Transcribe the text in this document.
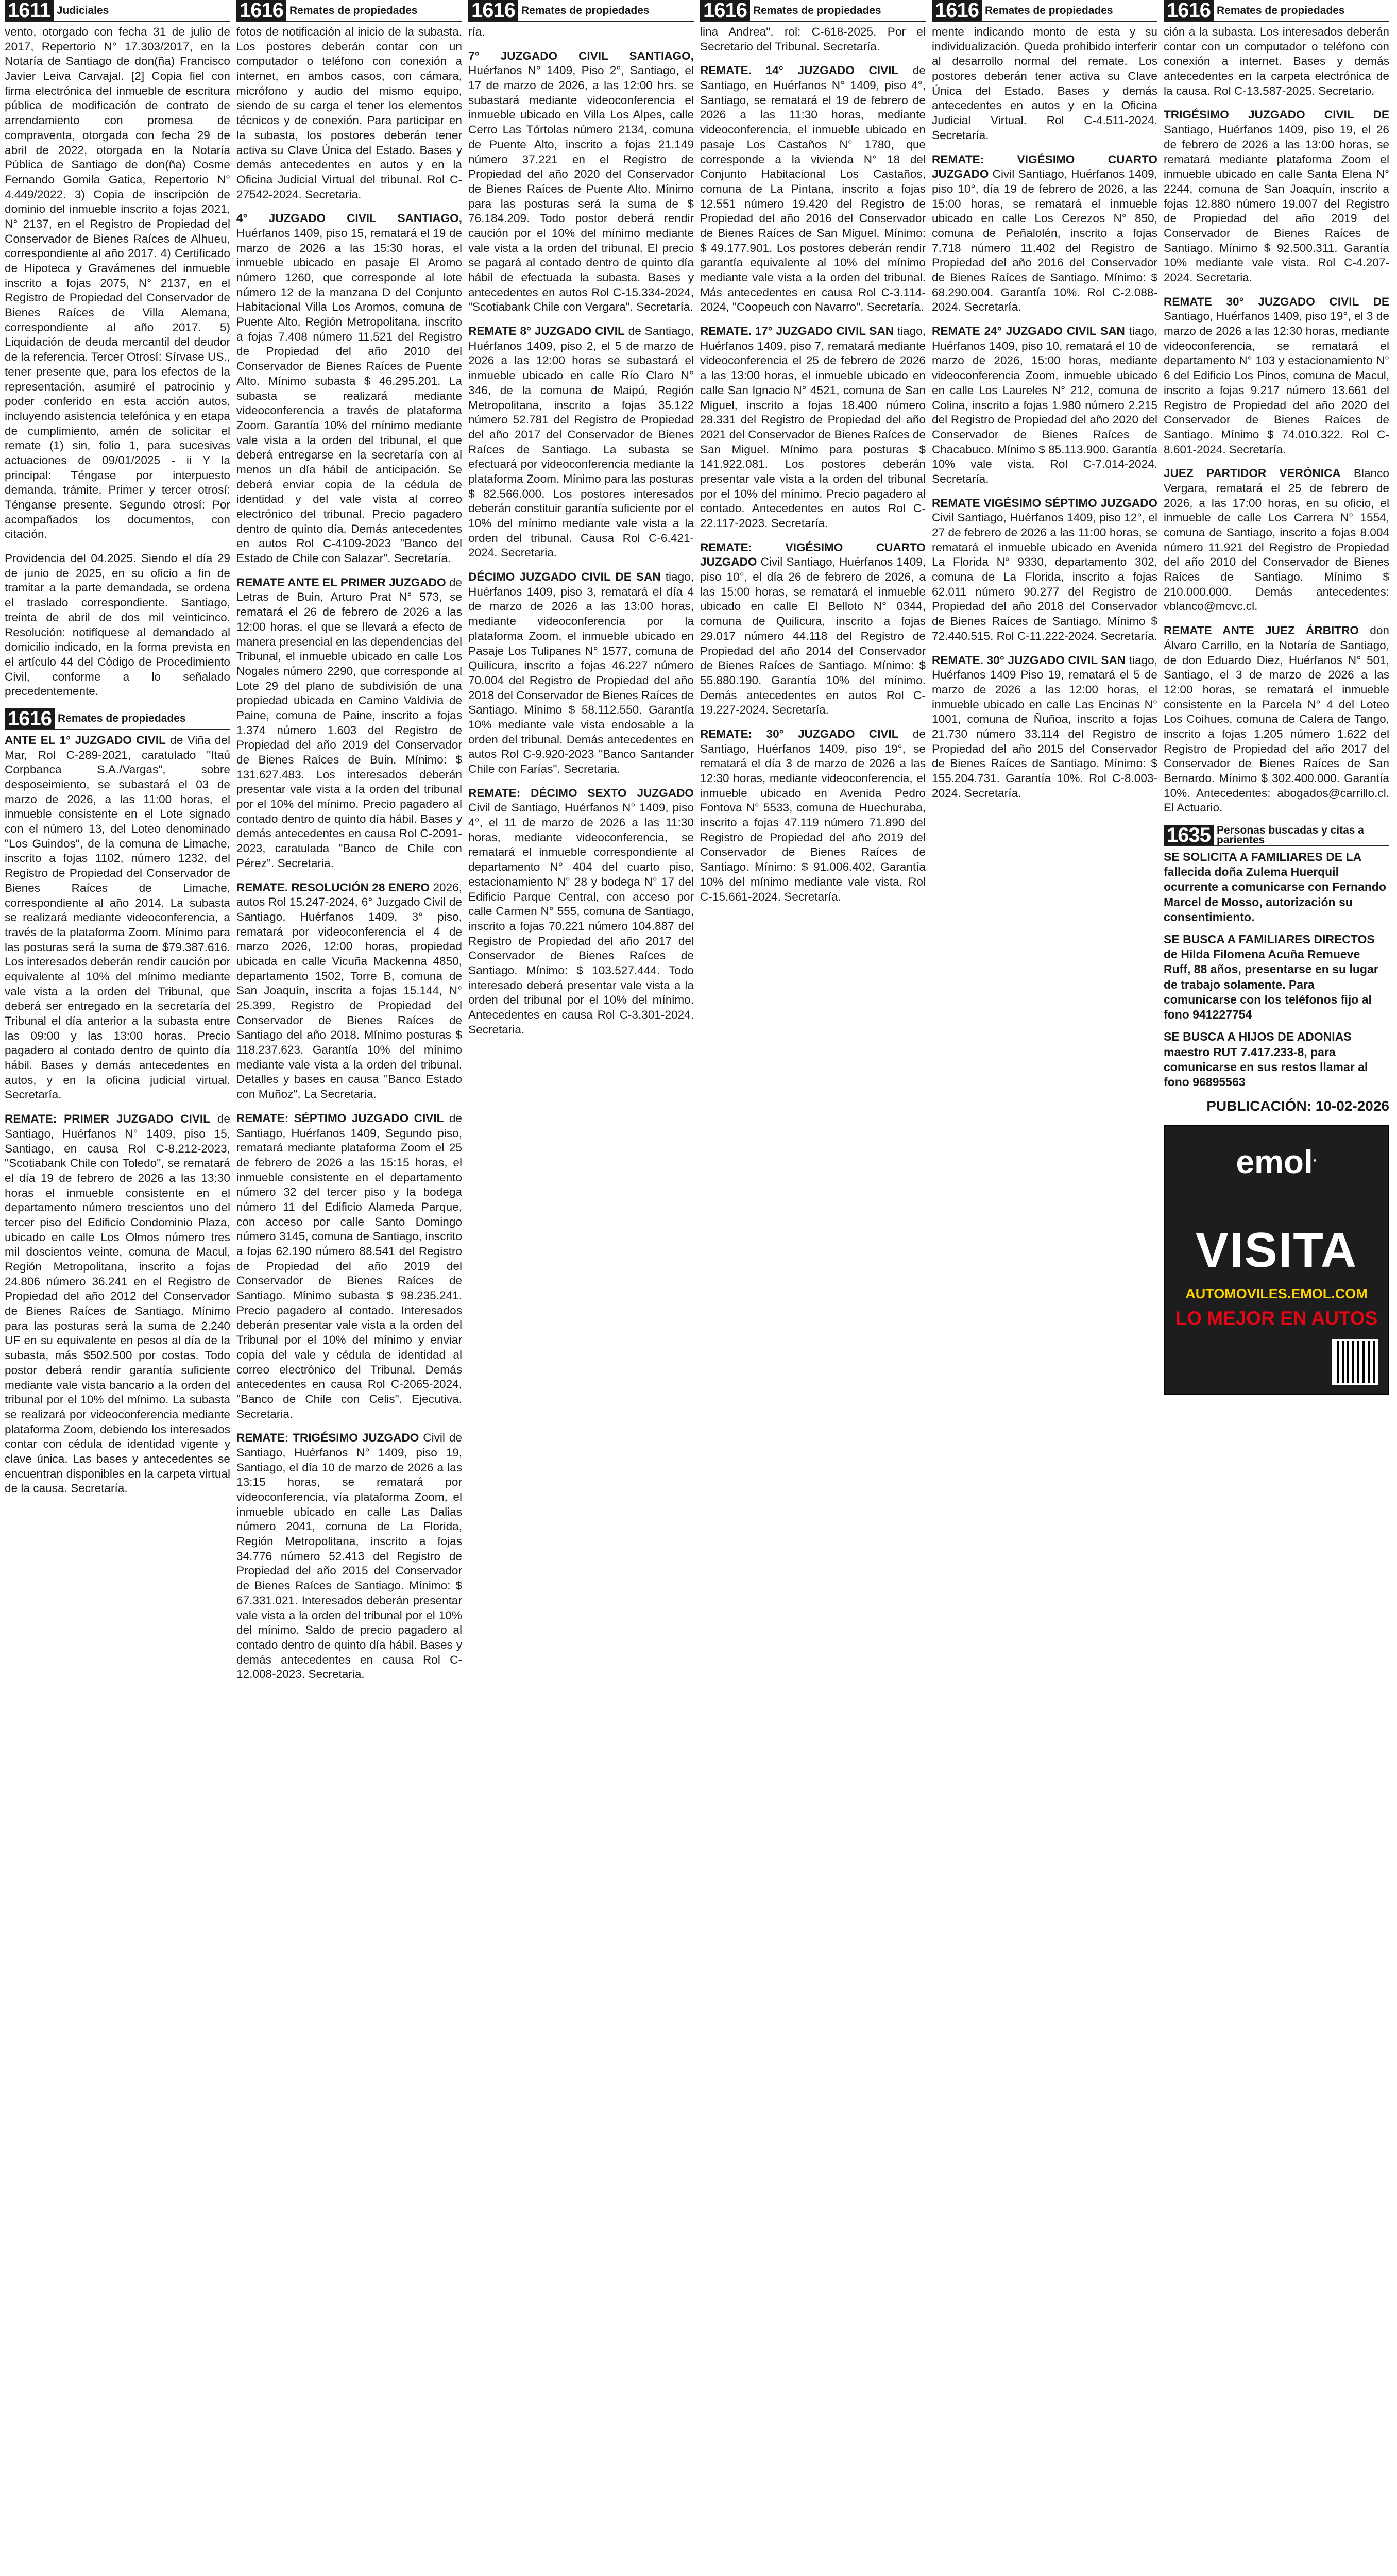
1611 Judiciales

vento, otorgado con fecha 31 de julio de 2017, Repertorio N° 17.303/2017, en la Notaría de Santiago de don(ña) Francisco Javier Leiva Carvajal. [2] Copia fiel con firma electrónica del inmueble de escritura pública de modificación de contrato de arrendamiento con promesa de compraventa, otorgada con fecha 29 de abril de 2022, otorgada en la Notaría Pública de Santiago de don(ña) Cosme Fernando Gomila Gatica, Repertorio N° 4.449/2022. 3) Copia de inscripción de dominio del inmueble inscrito a fojas 2021, N° 2137, en el Registro de Propiedad del Conservador de Bienes Raíces de Alhueu, correspondiente al año 2017. 4) Certificado de Hipoteca y Gravámenes del inmueble inscrito a fojas 2075, N° 2137, en el Registro de Propiedad del Conservador de Bienes Raíces de Villa Alemana, correspondiente al año 2017. 5) Liquidación de deuda mercantil del deudor de la referencia. Tercer Otrosí: Sírvase US., tener presente que, para los efectos de la representación, asumiré el patrocinio y poder conferido en esta acción autos, incluyendo asistencia telefónica y en etapa de cumplimiento, amén de solicitar el remate (1) sin, folio 1, para sucesivas actuaciones de 09/01/2025 - ii Y la principal: Téngase por interpuesto demanda, trámite. Primer y tercer otrosí: Ténganse presente. Segundo otrosí: Por acompañados los documentos, con citación.

Providencia del 04.2025. Siendo el día 29 de junio de 2025, en su oficio a fin de tramitar a la parte demandada, se ordena el traslado correspondiente. Santiago, treinta de abril de dos mil veinticinco. Resolución: notifíquese al demandado al domicilio indicado, en la forma prevista en el artículo 44 del Código de Procedimiento Civil, conforme a lo señalado precedentemente.

1616 Remates de propiedades

ANTE EL 1° JUZGADO CIVIL de Viña del Mar, Rol C-289-2021, caratulado "Itaú Corpbanca S.A./Vargas", sobre desposeimiento, se subastará el 03 de marzo de 2026, a las 11:00 horas, el inmueble consistente en el Lote signado con el número 13, del Loteo denominado "Los Guindos", de la comuna de Limache, inscrito a fojas 1102, número 1232, del Registro de Propiedad del Conservador de Bienes Raíces de Limache, correspondiente al año 2014. La subasta se realizará mediante videoconferencia, a través de la plataforma Zoom. Mínimo para las posturas será la suma de $79.387.616. Los interesados deberán rendir caución por equivalente al 10% del mínimo mediante vale vista a la orden del Tribunal, que deberá ser entregado en la secretaría del Tribunal el día anterior a la subasta entre las 09:00 y las 13:00 horas. Precio pagadero al contado dentro de quinto día hábil. Bases y demás antecedentes en autos, y en la oficina judicial virtual. Secretaría.

REMATE: PRIMER JUZGADO CIVIL de Santiago, Huérfanos N° 1409, piso 15, Santiago, en causa Rol C-8.212-2023, "Scotiabank Chile con Toledo", se rematará el día 19 de febrero de 2026 a las 13:30 horas el inmueble consistente en el departamento número trescientos uno del tercer piso del Edificio Condominio Plaza, ubicado en calle Los Olmos número tres mil doscientos veinte, comuna de Macul, Región Metropolitana, inscrito a fojas 24.806 número 36.241 en el Registro de Propiedad del año 2012 del Conservador de Bienes Raíces de Santiago. Mínimo para las posturas será la suma de 2.240 UF en su equivalente en pesos al día de la subasta, más $502.500 por costas. Todo postor deberá rendir garantía suficiente mediante vale vista bancario a la orden del tribunal por el 10% del mínimo. La subasta se realizará por videoconferencia mediante plataforma Zoom, debiendo los interesados contar con cédula de identidad vigente y clave única. Las bases y antecedentes se encuentran disponibles en la carpeta virtual de la causa. Secretaría.

1616 Remates de propiedades

fotos de notificación al inicio de la subasta. Los postores deberán contar con un computador o teléfono con conexión a internet, en ambos casos, con cámara, micrófono y audio del mismo equipo, siendo de su carga el tener los elementos técnicos y de conexión. Para participar en la subasta, los postores deberán tener activa su Clave Única del Estado. Bases y demás antecedentes en autos y en la Oficina Judicial Virtual del tribunal. Rol C-27542-2024. Secretaria.

4° JUZGADO CIVIL SANTIAGO, Huérfanos 1409, piso 15, rematará el 19 de marzo de 2026 a las 15:30 horas, el inmueble ubicado en pasaje El Aromo número 1260, que corresponde al lote número 12 de la manzana D del Conjunto Habitacional Villa Los Aromos, comuna de Puente Alto, Región Metropolitana, inscrito a fojas 7.408 número 11.521 del Registro de Propiedad del año 2010 del Conservador de Bienes Raíces de Puente Alto. Mínimo subasta $ 46.295.201. La subasta se realizará mediante videoconferencia a través de plataforma Zoom. Garantía 10% del mínimo mediante vale vista a la orden del tribunal, el que deberá entregarse en la secretaría con al menos un día hábil de anticipación. Se deberá enviar copia de la cédula de identidad y del vale vista al correo electrónico del tribunal. Precio pagadero dentro de quinto día. Demás antecedentes en autos Rol C-4109-2023 "Banco del Estado de Chile con Salazar". Secretaría.

REMATE ANTE EL PRIMER JUZGADO de Letras de Buin, Arturo Prat N° 573, se rematará el 26 de febrero de 2026 a las 12:00 horas, el que se llevará a efecto de manera presencial en las dependencias del Tribunal, el inmueble ubicado en calle Los Nogales número 2290, que corresponde al Lote 29 del plano de subdivisión de una propiedad ubicada en Camino Valdivia de Paine, comuna de Paine, inscrito a fojas 1.374 número 1.603 del Registro de Propiedad del año 2019 del Conservador de Bienes Raíces de Buin. Mínimo: $ 131.627.483. Los interesados deberán presentar vale vista a la orden del tribunal por el 10% del mínimo. Precio pagadero al contado dentro de quinto día hábil. Bases y demás antecedentes en causa Rol C-2091-2023, caratulada "Banco de Chile con Pérez". Secretaria.

REMATE. RESOLUCIÓN 28 ENERO 2026, autos Rol 15.247-2024, 6° Juzgado Civil de Santiago, Huérfanos 1409, 3° piso, rematará por videoconferencia el 4 de marzo 2026, 12:00 horas, propiedad ubicada en calle Vicuña Mackenna 4850, departamento 1502, Torre B, comuna de San Joaquín, inscrita a fojas 15.144, N° 25.399, Registro de Propiedad del Conservador de Bienes Raíces de Santiago del año 2018. Mínimo posturas $ 118.237.623. Garantía 10% del mínimo mediante vale vista a la orden del tribunal. Detalles y bases en causa "Banco Estado con Muñoz". La Secretaria.

REMATE: SÉPTIMO JUZGADO CIVIL de Santiago, Huérfanos 1409, Segundo piso, rematará mediante plataforma Zoom el 25 de febrero de 2026 a las 15:15 horas, el inmueble consistente en el departamento número 32 del tercer piso y la bodega número 11 del Edificio Alameda Parque, con acceso por calle Santo Domingo número 3145, comuna de Santiago, inscrito a fojas 62.190 número 88.541 del Registro de Propiedad del año 2019 del Conservador de Bienes Raíces de Santiago. Mínimo subasta $ 98.235.241. Precio pagadero al contado. Interesados deberán presentar vale vista a la orden del Tribunal por el 10% del mínimo y enviar copia del vale y cédula de identidad al correo electrónico del Tribunal. Demás antecedentes en causa Rol C-2065-2024, "Banco de Chile con Celis". Ejecutiva. Secretaria.

REMATE: TRIGÉSIMO JUZGADO Civil de Santiago, Huérfanos N° 1409, piso 19, Santiago, el día 10 de marzo de 2026 a las 13:15 horas, se rematará por videoconferencia, vía plataforma Zoom, el inmueble ubicado en calle Las Dalias número 2041, comuna de La Florida, Región Metropolitana, inscrito a fojas 34.776 número 52.413 del Registro de Propiedad del año 2015 del Conservador de Bienes Raíces de Santiago. Mínimo: $ 67.331.021. Interesados deberán presentar vale vista a la orden del tribunal por el 10% del mínimo. Saldo de precio pagadero al contado dentro de quinto día hábil. Bases y demás antecedentes en causa Rol C-12.008-2023. Secretaria.

1616 Remates de propiedades

ría.

7° JUZGADO CIVIL SANTIAGO, Huérfanos N° 1409, Piso 2°, Santiago, el 17 de marzo de 2026, a las 12:00 hrs. se subastará mediante videoconferencia el inmueble ubicado en Villa Los Alpes, calle Cerro Las Tórtolas número 2134, comuna de Puente Alto, inscrito a fojas 21.149 número 37.221 en el Registro de Propiedad del año 2020 del Conservador de Bienes Raíces de Puente Alto. Mínimo para las posturas será la suma de $ 76.184.209. Todo postor deberá rendir caución por el 10% del mínimo mediante vale vista a la orden del tribunal. El precio se pagará al contado dentro de quinto día hábil de efectuada la subasta. Bases y antecedentes en autos Rol C-15.334-2024, "Scotiabank Chile con Vergara". Secretaría.

REMATE 8° JUZGADO CIVIL de Santiago, Huérfanos 1409, piso 2, el 5 de marzo de 2026 a las 12:00 horas se subastará el inmueble ubicado en calle Río Claro N° 346, de la comuna de Maipú, Región Metropolitana, inscrito a fojas 35.122 número 52.781 del Registro de Propiedad del año 2017 del Conservador de Bienes Raíces de Santiago. La subasta se efectuará por videoconferencia mediante la plataforma Zoom. Mínimo para las posturas $ 82.566.000. Los postores interesados deberán constituir garantía suficiente por el 10% del mínimo mediante vale vista a la orden del tribunal. Causa Rol C-6.421-2024. Secretaria.

DÉCIMO JUZGADO CIVIL DE SAN tiago, Huérfanos 1409, piso 3, rematará el día 4 de marzo de 2026 a las 13:00 horas, mediante videoconferencia por la plataforma Zoom, el inmueble ubicado en Pasaje Los Tulipanes N° 1577, comuna de Quilicura, inscrito a fojas 46.227 número 70.004 del Registro de Propiedad del año 2018 del Conservador de Bienes Raíces de Santiago. Mínimo $ 58.112.550. Garantía 10% mediante vale vista endosable a la orden del tribunal. Demás antecedentes en autos Rol C-9.920-2023 "Banco Santander Chile con Farías". Secretaria.

REMATE: DÉCIMO SEXTO JUZGADO Civil de Santiago, Huérfanos N° 1409, piso 4°, el 11 de marzo de 2026 a las 11:30 horas, mediante videoconferencia, se rematará el inmueble correspondiente al departamento N° 404 del cuarto piso, estacionamiento N° 28 y bodega N° 17 del Edificio Parque Central, con acceso por calle Carmen N° 555, comuna de Santiago, inscrito a fojas 70.221 número 104.887 del Registro de Propiedad del año 2017 del Conservador de Bienes Raíces de Santiago. Mínimo: $ 103.527.444. Todo interesado deberá presentar vale vista a la orden del tribunal por el 10% del mínimo. Antecedentes en causa Rol C-3.301-2024. Secretaria.

1616 Remates de propiedades

lina Andrea". rol: C-618-2025. Por el Secretario del Tribunal. Secretaría.

REMATE. 14° JUZGADO CIVIL de Santiago, en Huérfanos N° 1409, piso 4°, Santiago, se rematará el 19 de febrero de 2026 a las 11:30 horas, mediante videoconferencia, el inmueble ubicado en pasaje Los Castaños N° 1780, que corresponde a la vivienda N° 18 del Conjunto Habitacional Los Castaños, comuna de La Pintana, inscrito a fojas 12.551 número 19.420 del Registro de Propiedad del año 2016 del Conservador de Bienes Raíces de San Miguel. Mínimo: $ 49.177.901. Los postores deberán rendir garantía equivalente al 10% del mínimo mediante vale vista a la orden del tribunal. Más antecedentes en causa Rol C-3.114-2024, "Coopeuch con Navarro". Secretaría.

REMATE. 17° JUZGADO CIVIL SAN tiago, Huérfanos 1409, piso 7, rematará mediante videoconferencia el 25 de febrero de 2026 a las 13:00 horas, el inmueble ubicado en calle San Ignacio N° 4521, comuna de San Miguel, inscrito a fojas 18.400 número 28.331 del Registro de Propiedad del año 2021 del Conservador de Bienes Raíces de San Miguel. Mínimo para posturas $ 141.922.081. Los postores deberán presentar vale vista a la orden del tribunal por el 10% del mínimo. Precio pagadero al contado. Antecedentes en autos Rol C-22.117-2023. Secretaría.

REMATE: VIGÉSIMO CUARTO JUZGADO Civil Santiago, Huérfanos 1409, piso 10°, el día 26 de febrero de 2026, a las 15:00 horas, se rematará el inmueble ubicado en calle El Belloto N° 0344, comuna de Quilicura, inscrito a fojas 29.017 número 44.118 del Registro de Propiedad del año 2014 del Conservador de Bienes Raíces de Santiago. Mínimo: $ 55.880.190. Garantía 10% del mínimo. Demás antecedentes en autos Rol C-19.227-2024. Secretaría.

REMATE: 30° JUZGADO CIVIL de Santiago, Huérfanos 1409, piso 19°, se rematará el día 3 de marzo de 2026 a las 12:30 horas, mediante videoconferencia, el inmueble ubicado en Avenida Pedro Fontova N° 5533, comuna de Huechuraba, inscrito a fojas 47.119 número 71.890 del Registro de Propiedad del año 2019 del Conservador de Bienes Raíces de Santiago. Mínimo: $ 91.006.402. Garantía 10% del mínimo mediante vale vista. Rol C-15.661-2024. Secretaría.

1616 Remates de propiedades

mente indicando monto de esta y su individualización. Queda prohibido interferir al desarrollo normal del remate. Los postores deberán tener activa su Clave Única del Estado. Bases y demás antecedentes en autos y en la Oficina Judicial Virtual. Rol C-4.511-2024. Secretaría.

REMATE: VIGÉSIMO CUARTO JUZGADO Civil Santiago, Huérfanos 1409, piso 10°, día 19 de febrero de 2026, a las 15:00 horas, se rematará el inmueble ubicado en calle Los Cerezos N° 850, comuna de Peñalolén, inscrito a fojas 7.718 número 11.402 del Registro de Propiedad del año 2016 del Conservador de Bienes Raíces de Santiago. Mínimo: $ 68.290.004. Garantía 10%. Rol C-2.088-2024. Secretaría.

REMATE 24° JUZGADO CIVIL SAN tiago, Huérfanos 1409, piso 10, rematará el 10 de marzo de 2026, 15:00 horas, mediante videoconferencia Zoom, inmueble ubicado en calle Los Laureles N° 212, comuna de Colina, inscrito a fojas 1.980 número 2.215 del Registro de Propiedad del año 2020 del Conservador de Bienes Raíces de Chacabuco. Mínimo $ 85.113.900. Garantía 10% vale vista. Rol C-7.014-2024. Secretaría.

REMATE VIGÉSIMO SÉPTIMO JUZGADO Civil Santiago, Huérfanos 1409, piso 12°, el 27 de febrero de 2026 a las 11:00 horas, se rematará el inmueble ubicado en Avenida La Florida N° 9330, departamento 302, comuna de La Florida, inscrito a fojas 62.011 número 90.277 del Registro de Propiedad del año 2018 del Conservador de Bienes Raíces de Santiago. Mínimo $ 72.440.515. Rol C-11.222-2024. Secretaría.

REMATE. 30° JUZGADO CIVIL SAN tiago, Huérfanos 1409 Piso 19, rematará el 5 de marzo de 2026 a las 12:00 horas, el inmueble ubicado en calle Las Encinas N° 1001, comuna de Ñuñoa, inscrito a fojas 21.730 número 33.114 del Registro de Propiedad del año 2015 del Conservador de Bienes Raíces de Santiago. Mínimo: $ 155.204.731. Garantía 10%. Rol C-8.003-2024. Secretaría.

1616 Remates de propiedades

ción a la subasta. Los interesados deberán contar con un computador o teléfono con conexión a internet. Bases y demás antecedentes en la carpeta electrónica de la causa. Rol C-13.587-2025. Secretario.

TRIGÉSIMO JUZGADO CIVIL DE Santiago, Huérfanos 1409, piso 19, el 26 de febrero de 2026 a las 13:00 horas, se rematará mediante plataforma Zoom el inmueble ubicado en calle Santa Elena N° 2244, comuna de San Joaquín, inscrito a fojas 12.880 número 19.007 del Registro de Propiedad del año 2019 del Conservador de Bienes Raíces de Santiago. Mínimo $ 92.500.311. Garantía 10% mediante vale vista. Rol C-4.207-2024. Secretaria.

REMATE 30° JUZGADO CIVIL DE Santiago, Huérfanos 1409, piso 19°, el 3 de marzo de 2026 a las 12:30 horas, mediante videoconferencia, se rematará el departamento N° 103 y estacionamiento N° 6 del Edificio Los Pinos, comuna de Macul, inscrito a fojas 9.217 número 13.661 del Registro de Propiedad del año 2020 del Conservador de Bienes Raíces de Santiago. Mínimo $ 74.010.322. Rol C-8.601-2024. Secretaría.

JUEZ PARTIDOR VERÓNICA Blanco Vergara, rematará el 25 de febrero de 2026, a las 17:00 horas, en su oficio, el inmueble de calle Los Carrera N° 1554, comuna de Santiago, inscrito a fojas 8.004 número 11.921 del Registro de Propiedad del año 2010 del Conservador de Bienes Raíces de Santiago. Mínimo $ 210.000.000. Demás antecedentes: vblanco@mcvc.cl.

REMATE ANTE JUEZ ÁRBITRO don Álvaro Carrillo, en la Notaría de Santiago, de don Eduardo Diez, Huérfanos N° 501, Santiago, el 3 de marzo de 2026 a las 12:00 horas, se rematará el inmueble consistente en la Parcela N° 4 del Loteo Los Coihues, comuna de Calera de Tango, inscrito a fojas 1.205 número 1.622 del Registro de Propiedad del año 2017 del Conservador de Bienes Raíces de San Bernardo. Mínimo $ 302.400.000. Garantía 10%. Antecedentes: abogados@carrillo.cl. El Actuario.

1635 Personas buscadas y citas a parientes

SE SOLICITA A FAMILIARES DE LA fallecida doña Zulema Huerquil ocurrente a comunicarse con Fernando Marcel de Mosso, autorización su consentimiento.

SE BUSCA A FAMILIARES DIRECTOS de Hilda Filomena Acuña Remueve Ruff, 88 años, presentarse en su lugar de trabajo solamente. Para comunicarse con los teléfonos fijo al fono 941227754

SE BUSCA A HIJOS DE ADONIAS maestro RUT 7.417.233-8, para comunicarse en sus restos llamar al fono 96895563

PUBLICACIÓN: 10-02-2026
emol.
VISITA
AUTOMOVILES.EMOL.COM
LO MEJOR EN AUTOS
